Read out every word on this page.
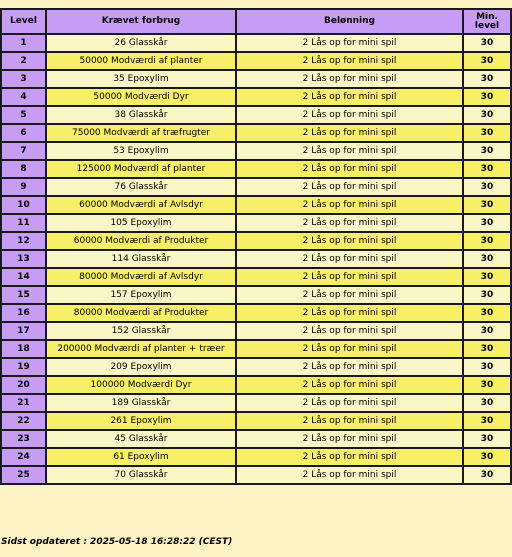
Level	Krævet forbrug	Belønning	Min. level
1	26 Glasskår	2 Lås op for mini spil	30
2	50000 Modværdi af planter	2 Lås op for mini spil	30
3	35 Epoxylim	2 Lås op for mini spil	30
4	50000 Modværdi Dyr	2 Lås op for mini spil	30
5	38 Glasskår	2 Lås op for mini spil	30
6	75000 Modværdi af træfrugter	2 Lås op for mini spil	30
7	53 Epoxylim	2 Lås op for mini spil	30
8	125000 Modværdi af planter	2 Lås op for mini spil	30
9	76 Glasskår	2 Lås op for mini spil	30
10	60000 Modværdi af Avlsdyr	2 Lås op for mini spil	30
11	105 Epoxylim	2 Lås op for mini spil	30
12	60000 Modværdi af Produkter	2 Lås op for mini spil	30
13	114 Glasskår	2 Lås op for mini spil	30
14	80000 Modværdi af Avlsdyr	2 Lås op for mini spil	30
15	157 Epoxylim	2 Lås op for mini spil	30
16	80000 Modværdi af Produkter	2 Lås op for mini spil	30
17	152 Glasskår	2 Lås op for mini spil	30
18	200000 Modværdi af planter + træer	2 Lås op for mini spil	30
19	209 Epoxylim	2 Lås op for mini spil	30
20	100000 Modværdi Dyr	2 Lås op for mini spil	30
21	189 Glasskår	2 Lås op for mini spil	30
22	261 Epoxylim	2 Lås op for mini spil	30
23	45 Glasskår	2 Lås op for mini spil	30
24	61 Epoxylim	2 Lås op for mini spil	30
25	70 Glasskår	2 Lås op for mini spil	30
Sidst opdateret : 2025-05-18 16:28:22 (CEST)
